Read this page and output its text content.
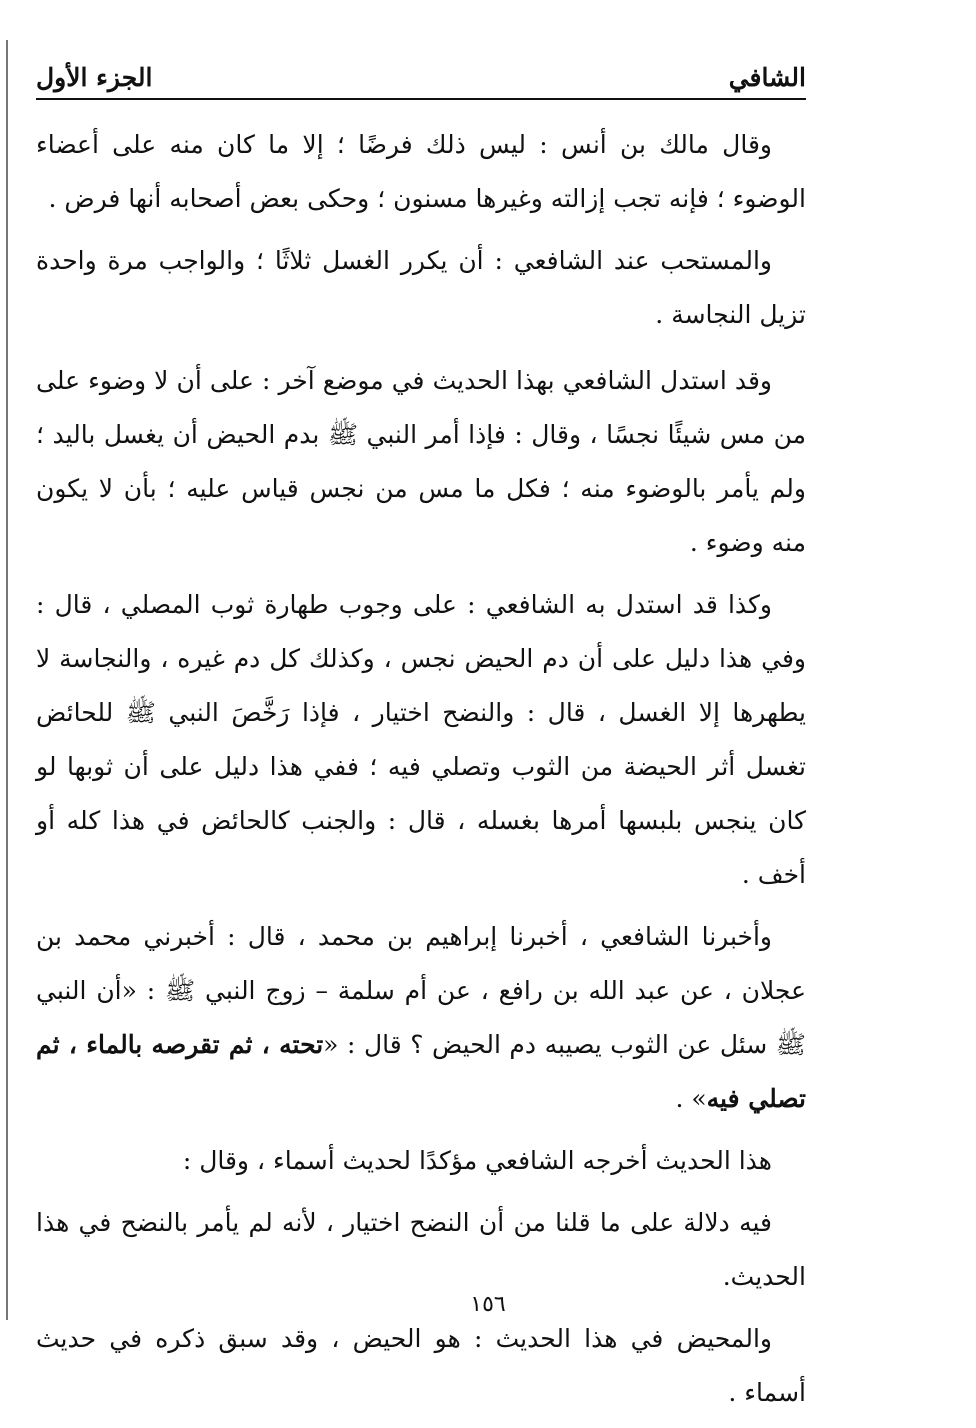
الشافي
الجزء الأول

وقال مالك بن أنس : ليس ذلك فرضًا ؛ إلا ما كان منه على أعضاء الوضوء ؛ فإنه تجب إزالته وغيرها مسنون ؛ وحكى بعض أصحابه أنها فرض .

والمستحب عند الشافعي : أن يكرر الغسل ثلاثًا ؛ والواجب مرة واحدة تزيل النجاسة .

وقد استدل الشافعي بهذا الحديث في موضع آخر : على أن لا وضوء على من مس شيئًا نجسًا ، وقال : فإذا أمر النبي ﷺ بدم الحيض أن يغسل باليد ؛ ولم يأمر بالوضوء منه ؛ فكل ما مس من نجس قياس عليه ؛ بأن لا يكون منه وضوء .

وكذا قد استدل به الشافعي : على وجوب طهارة ثوب المصلي ، قال : وفي هذا دليل على أن دم الحيض نجس ، وكذلك كل دم غيره ، والنجاسة لا يطهرها إلا الغسل ، قال : والنضح اختيار ، فإذا رَخَّصَ النبي ﷺ للحائض تغسل أثر الحيضة من الثوب وتصلي فيه ؛ ففي هذا دليل على أن ثوبها لو كان ينجس بلبسها أمرها بغسله ، قال : والجنب كالحائض في هذا كله أو أخف .

وأخبرنا الشافعي ، أخبرنا إبراهيم بن محمد ، قال : أخبرني محمد بن عجلان ، عن عبد الله بن رافع ، عن أم سلمة – زوج النبي ﷺ : «أن النبي ﷺ سئل عن الثوب يصيبه دم الحيض ؟ قال : «تحته ، ثم تقرصه بالماء ، ثم تصلي فيه» .

هذا الحديث أخرجه الشافعي مؤكدًا لحديث أسماء ، وقال :

فيه دلالة على ما قلنا من أن النضح اختيار ، لأنه لم يأمر بالنضح في هذا الحديث.

والمحيض في هذا الحديث : هو الحيض ، وقد سبق ذكره في حديث أسماء .

١٥٦
